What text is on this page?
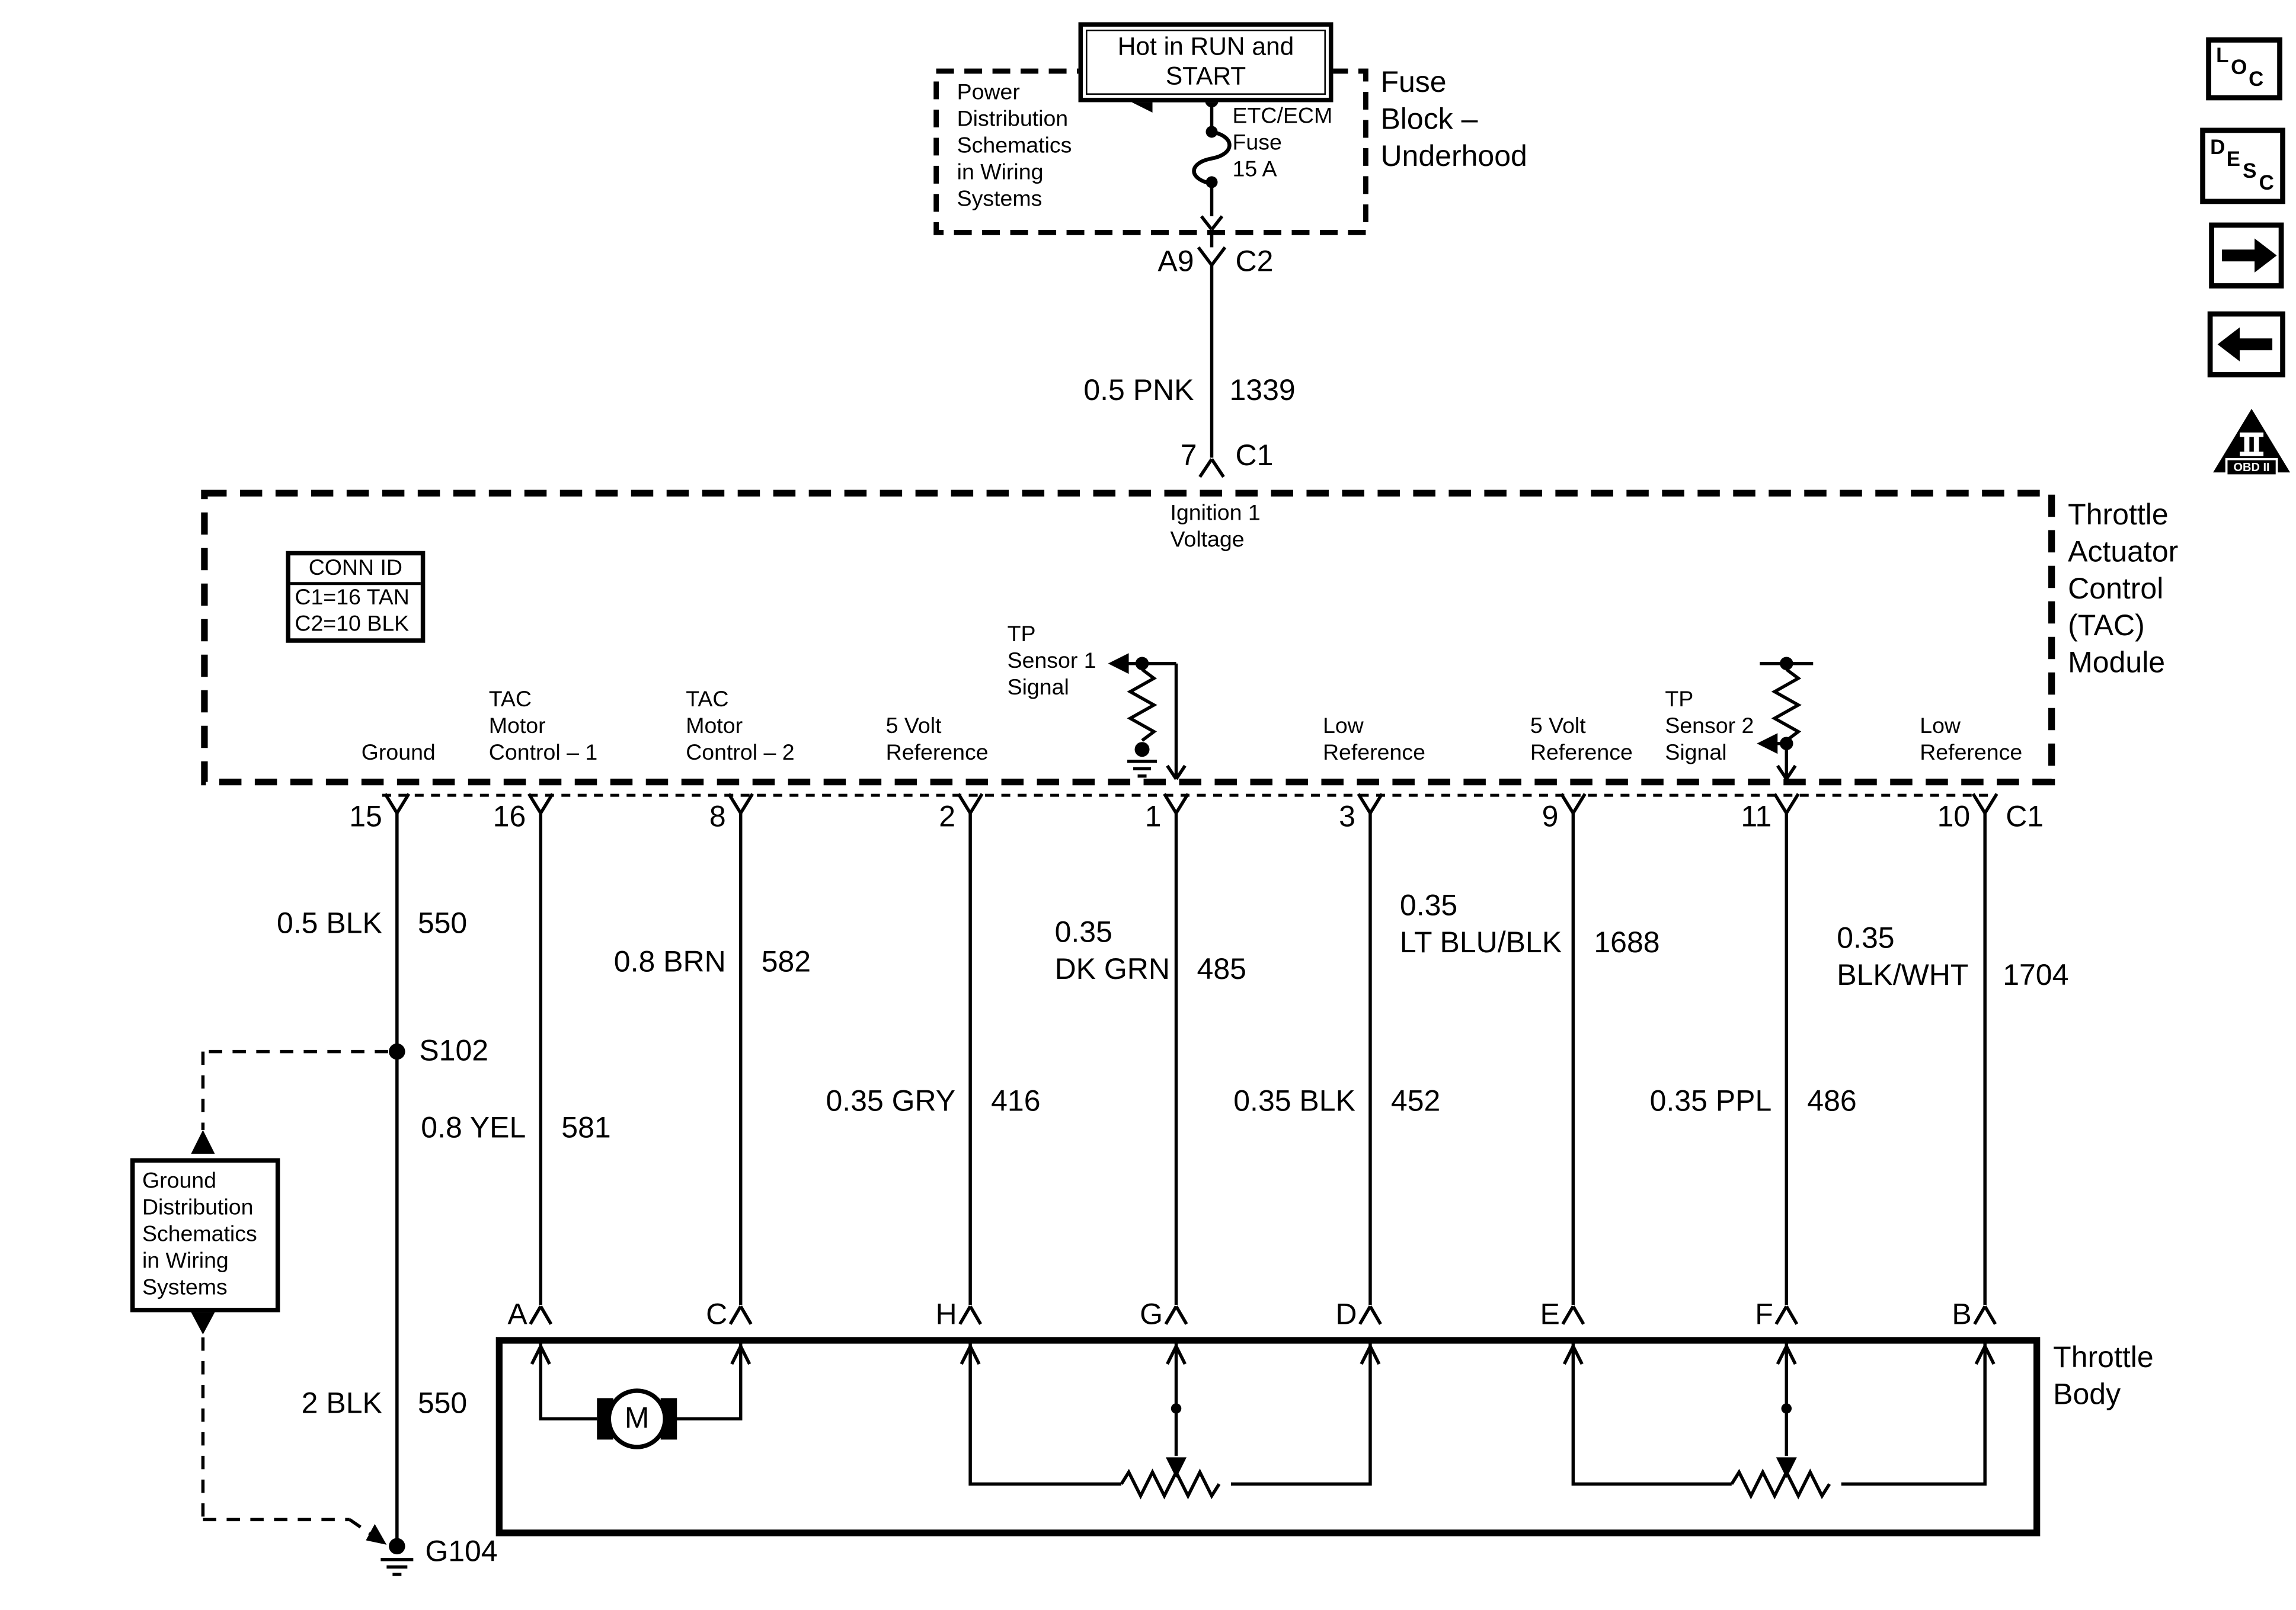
Hot in RUN and START
Power
Distribution
Schematics
in Wiring
Systems
ETC/ECM
Fuse
15 A
Fuse
Block –
Underhood
A9	C2
0.5 PNK	1339
7	C1
Ignition 1
Voltage
Throttle
Actuator
Control
(TAC)
Module
CONN ID
C1=16 TAN
C2=10 BLK
Ground
TAC
Motor
Control – 1
TAC
Motor
Control – 2
5 Volt
Reference
TP
Sensor 1
Signal
Low
Reference
5 Volt
Reference
TP
Sensor 2
Signal
Low
Reference
15	16	8	2	1	3	9	11	10	C1
0.5 BLK	550
0.8 YEL	581
0.8 BRN	582
0.35 GRY	416
0.35
DK GRN 485
0.35 BLK	452
0.35
LT BLU/BLK	1688
0.35 PPL	486
0.35
BLK/WHT	1704
2 BLK	550
S102
G104
Ground
Distribution
Schematics
in Wiring
Systems
A	C	H	G	D	E	F	B
M
Throttle
Body
L
O C
D
E S
C
OBD II
